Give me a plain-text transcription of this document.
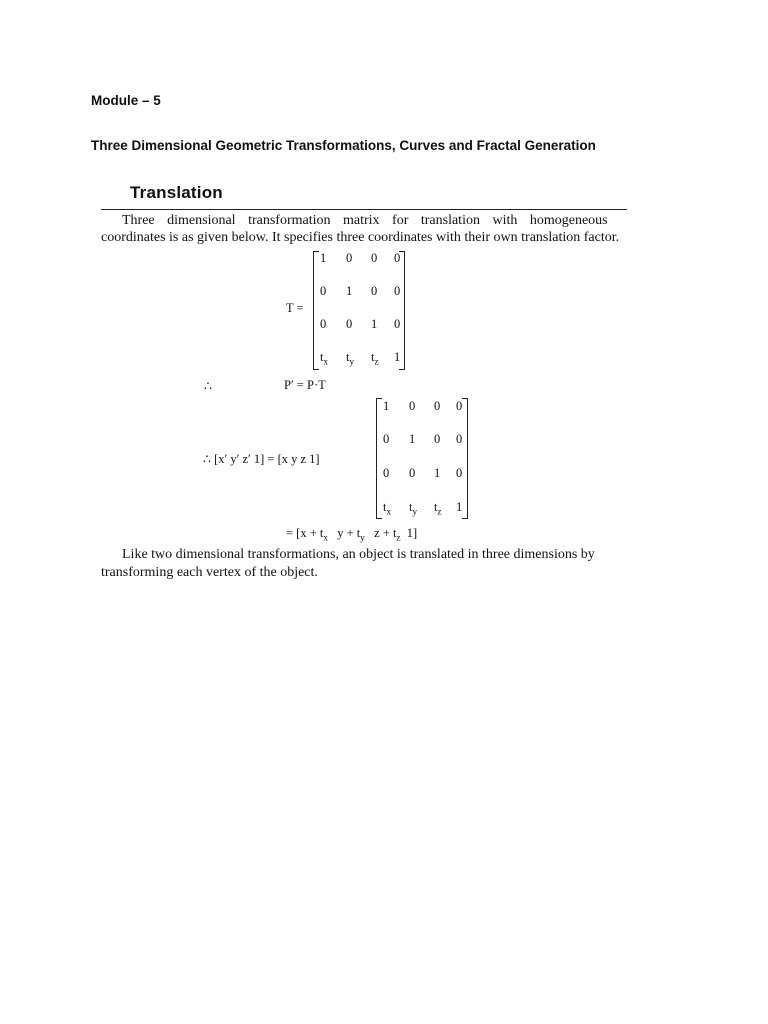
Module – 5
Three Dimensional Geometric Transformations, Curves and Fractal Generation
Translation
Three dimensional transformation matrix for translation with homogeneous
coordinates is as given below. It specifies three coordinates with their own translation factor.
T =
1 0 0 0
0 1 0 0
0 0 1 0
$t_x$ $t_y$ $t_z$ 1
∴	P′ = P·T
∴ [x′ y′ z′ 1] = [x y z 1]
1 0 0 0
0 1 0 0
0 0 1 0
$t_x$ $t_y$ $t_z$ 1
= [$x + t_x$   $y + t_y$   $z + t_z$  1]
Like two dimensional transformations, an object is translated in three dimensions by
transforming each vertex of the object.
